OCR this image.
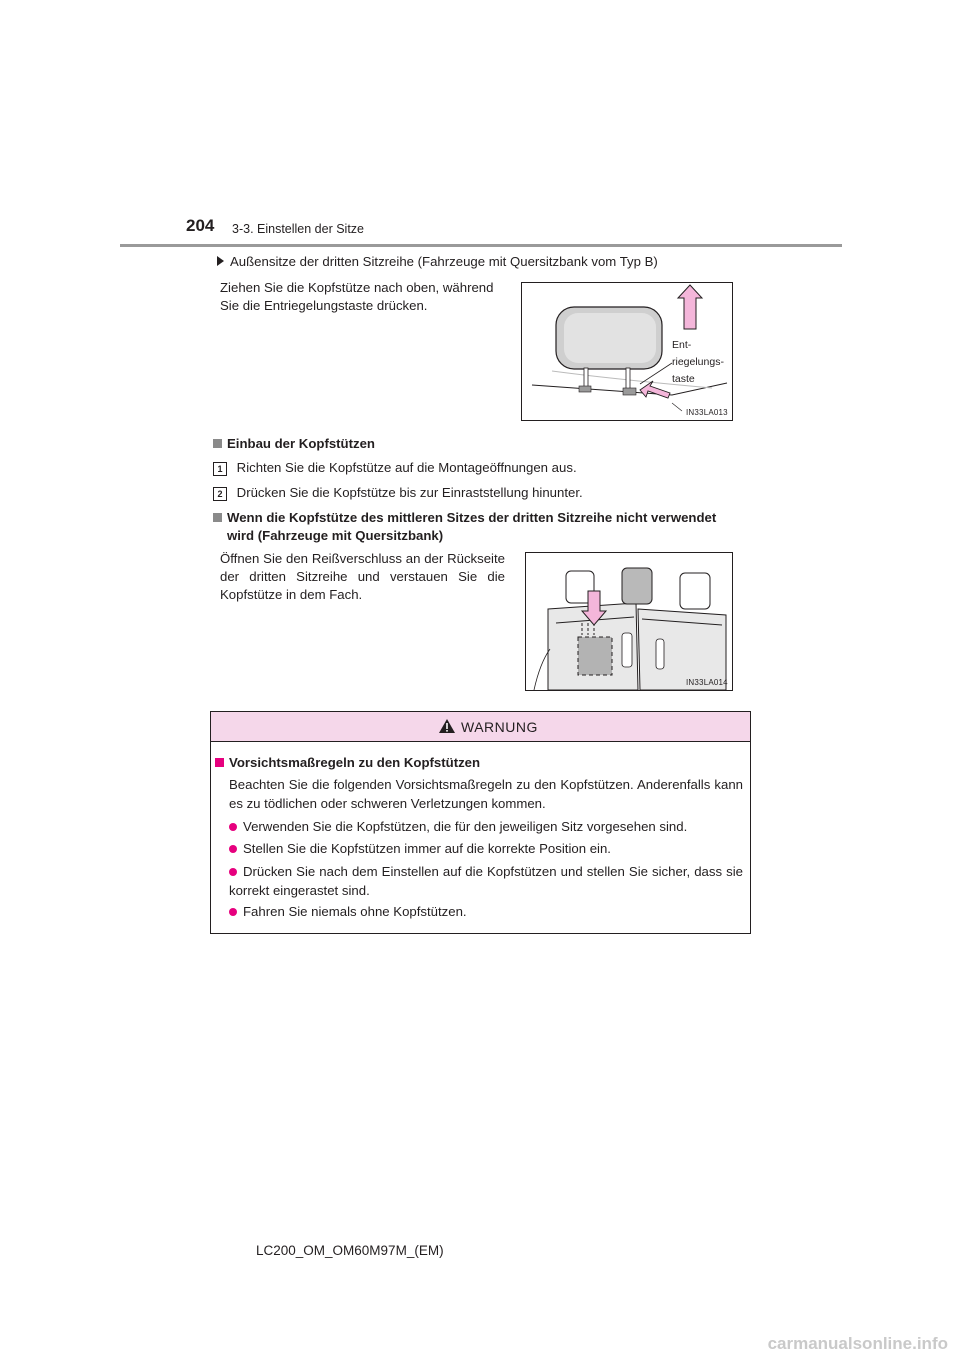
204 3-3. Einstellen der Sitze
Außensitze der dritten Sitzreihe (Fahrzeuge mit Quersitzbank vom Typ B)
Ziehen Sie die Kopfstütze nach oben, während Sie die Entriegelungstaste drücken.
Ent-
riegelungs-
taste
IN33LA013
Einbau der Kopfstützen
1 Richten Sie die Kopfstütze auf die Montageöffnungen aus.
2 Drücken Sie die Kopfstütze bis zur Einraststellung hinunter.
Wenn die Kopfstütze des mittleren Sitzes der dritten Sitzreihe nicht verwendet
wird (Fahrzeuge mit Quersitzbank)
Öffnen Sie den Reißverschluss an der Rückseite der dritten Sitzreihe und verstauen Sie die Kopfstütze in dem Fach.
IN33LA014
WARNUNG
Vorsichtsmaßregeln zu den Kopfstützen
Beachten Sie die folgenden Vorsichtsmaßregeln zu den Kopfstützen. Anderenfalls kann es zu tödlichen oder schweren Verletzungen kommen.
Verwenden Sie die Kopfstützen, die für den jeweiligen Sitz vorgesehen sind.
Stellen Sie die Kopfstützen immer auf die korrekte Position ein.
Drücken Sie nach dem Einstellen auf die Kopfstützen und stellen Sie sicher, dass sie korrekt eingerastet sind.
Fahren Sie niemals ohne Kopfstützen.
LC200_OM_OM60M97M_(EM)
carmanualsonline.info
